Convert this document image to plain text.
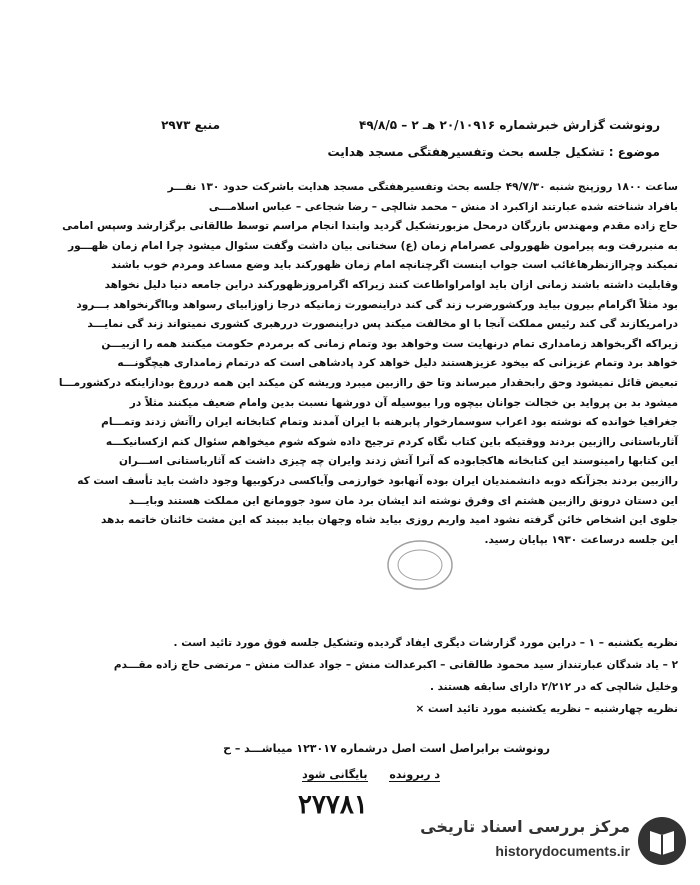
رونوشت گزارش خبرشماره ۲۰/۱۰۹۱۶ هـ ۲ – ۴۹/۸/۵
منبع ۲۹۷۳
موضوع : تشکیل جلسه بحث وتفسیرهفتگی مسجد هدایت

ساعت ۱۸۰۰ روزپنج شنبه ۴۹/۷/۳۰ جلسه بحث وتفسیرهفتگی مسجد هدایت باشرکت حدود ۱۳۰ نفـــر

بافراد شناخته شده عبارتند ازاکبرد اد منش – محمد شالچی – رضا شجاعی – عباس اسلامـــی

حاج زاده مقدم ومهندس بازرگان درمحل مزبورتشکیل گردید وابتدا انجام مراسم توسط طالقانی برگزارشد وسپس امامی

به منبررفت وبه پیرامون ظهورولی عصرامام زمان (ع) سخنانی بیان داشت وگفت سئوال میشود چرا امام زمان ظهـــور

نمیکند وچراازنظرهاغائب است جواب اینست اگرچنانچه امام زمان ظهورکند باید وضع مساعد ومردم خوب باشند

وقابلیت داشته باشند زمانی ازان باید اوامراواطاعت کنند زیراکه اگرامروزظهورکند دراین جامعه دنیا دلیل نخواهد

بود مثلاً اگرامام بیرون بیاید ورکشورضرب زند گی کند دراینصورت زمانیکه درجا زاوزابیای رسواهد وبااگرنخواهد بـــرود

درامریکازند گی کند رئیس مملکت آنجا با او مخالفت میکند پس دراینصورت دررهبری کشوری نمیتواند زند گی نمایـــد

زیراکه اگربخواهد زمامداری تمام درنهایت ست وخواهد بود وتمام زمانی که برمردم حکومت میکنند همه را ازبیـــن

خواهد برد وتمام عزیزانی که بیخود عزیزهستند دلیل خواهد کرد پادشاهی است که درتمام زمامداری هیچگونـــه

تبعیض قائل نمیشود وحق رابحقدار میرساند وتا حق راازبین میبرد وریشه کن میکند این همه درروغ بودازاینکه درکشورمـــا

میشود بد بن پرواید بن خجالت جوانان بیچوه ورا بیوسیله آن دورشها نسبت بدین وامام ضعیف میکنند مثلاً در

جغرافیا خوانده که نوشته بود اعراب سوسمارخوار پابرهنه با ایران آمدند وتمام کتابخانه ایران راآتش زدند وتمـــام

آثارباستانی راازبین بردند ووقتیکه باین کتاب نگاه کردم ترجیح داده شوکه شوم میخواهم سئوال کنم ازکسانیکـــه

این کتابها رامینوسند این کتابخانه هاکجابوده که آنرا آتش زدند وایران چه چیزی داشت که آثارباستانی اســـران

راازبین بردند بجزآنکه دوبه دانشمندیان ایران بوده آنهابود خوارزمی وآیاکسی درکوبیها وجود داشت باید تأسف است که

این دستان درونق راازبین هشتم ای وفرق نوشته اند ایشان برد مان سود جوومانع این مملکت هستند وبایـــد

جلوی این اشخاص خائن گرفته نشود امید واریم روزی بیاید شاه وجهان بیاید ببیند که این مشت خائنان خاتمه بدهد

این جلسه درساعت ۱۹۳۰ بپایان رسید.

نظریه یکشنبه – ۱ – دراین مورد گزارشات دیگری ایفاد گردیده وتشکیل جلسه فوق مورد تائید است .

۲ – یاد شدگان عبارتنداز سید محمود طالقانی – اکبرعدالت منش – جواد عدالت منش – مرتضی حاج زاده مقـــدم

وخلیل شالچی که در ۲/۲۱۲ دارای سابقه هستند .

نظریه چهارشنبه – نظریه یکشنبه مورد تائید است ×

رونوشت برابراصل است اصل درشماره ۱۲۳۰۱۷ میباشـــد – ح
د ربرونده بایگانی شود
۲۷۷۸۱
مرکز بررسی اسناد تاریخی
historydocuments.ir
